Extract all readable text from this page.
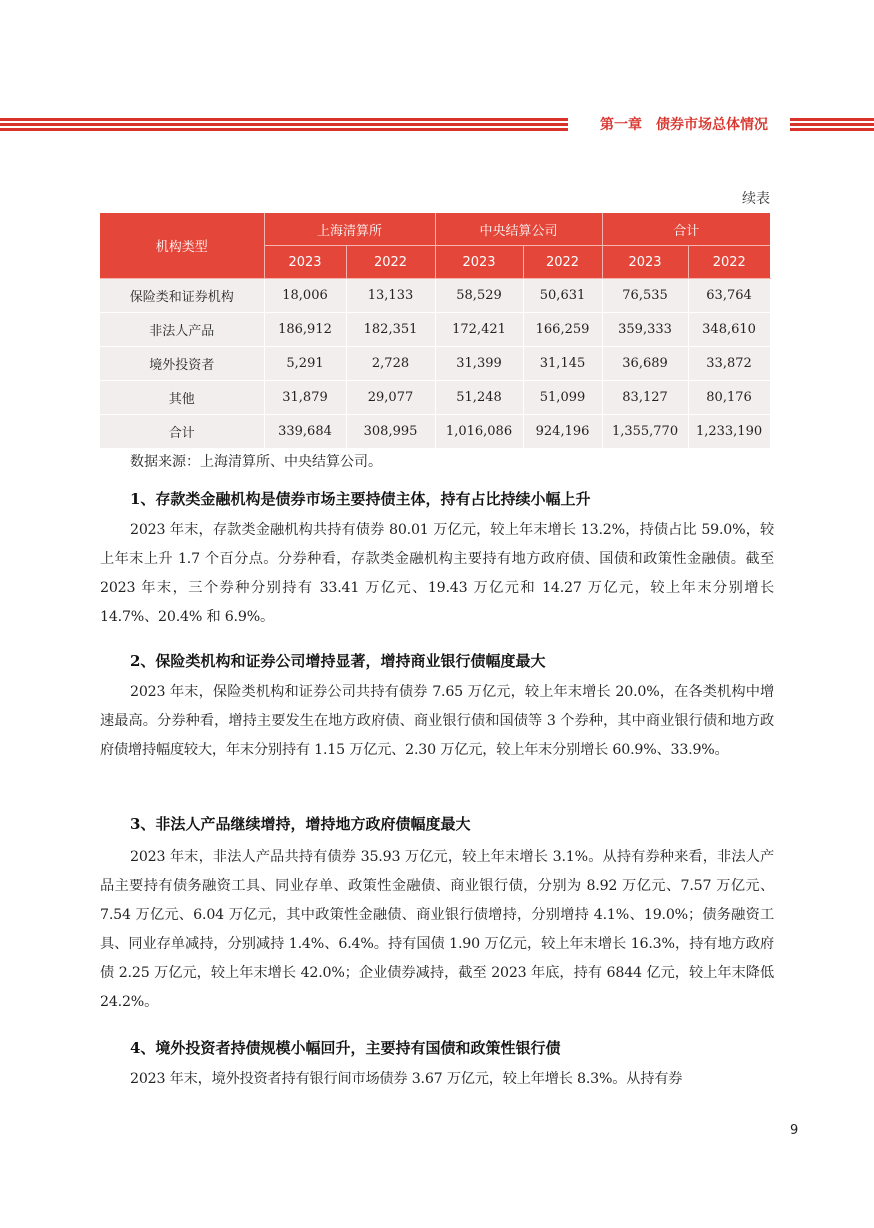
第一章　债券市场总体情况
续表
机构类型	上海清算所		中央结算公司		合计	
	2023	2022	2023	2022	2023	2022
保险类和证券机构	18,006	13,133	58,529	50,631	76,535	63,764
非法人产品	186,912	182,351	172,421	166,259	359,333	348,610
境外投资者	5,291	2,728	31,399	31,145	36,689	33,872
其他	31,879	29,077	51,248	51,099	83,127	80,176
合计	339,684	308,995	1,016,086	924,196	1,355,770	1,233,190
数据来源：上海清算所、中央结算公司。
1、存款类金融机构是债券市场主要持债主体，持有占比持续小幅上升

2023 年末，存款类金融机构共持有债券 80.01 万亿元，较上年末增长 13.2%，持债占比 59.0%，较上年末上升 1.7 个百分点。分券种看，存款类金融机构主要持有地方政府债、国债和政策性金融债。截至 2023 年末，三个券种分别持有 33.41 万亿元、19.43 万亿元和 14.27 万亿元，较上年末分别增长 14.7%、20.4% 和 6.9%。

2、保险类机构和证券公司增持显著，增持商业银行债幅度最大

2023 年末，保险类机构和证券公司共持有债券 7.65 万亿元，较上年末增长 20.0%，在各类机构中增速最高。分券种看，增持主要发生在地方政府债、商业银行债和国债等 3 个券种，其中商业银行债和地方政府债增持幅度较大，年末分别持有 1.15 万亿元、2.30 万亿元，较上年末分别增长 60.9%、33.9%。

3、非法人产品继续增持，增持地方政府债幅度最大

2023 年末，非法人产品共持有债券 35.93 万亿元，较上年末增长 3.1%。从持有券种来看，非法人产品主要持有债务融资工具、同业存单、政策性金融债、商业银行债，分别为 8.92 万亿元、7.57 万亿元、7.54 万亿元、6.04 万亿元，其中政策性金融债、商业银行债增持，分别增持 4.1%、19.0%；债务融资工具、同业存单减持，分别减持 1.4%、6.4%。持有国债 1.90 万亿元，较上年末增长 16.3%，持有地方政府债 2.25 万亿元，较上年末增长 42.0%；企业债券减持，截至 2023 年底，持有 6844 亿元，较上年末降低 24.2%。

4、境外投资者持债规模小幅回升，主要持有国债和政策性银行债

2023 年末，境外投资者持有银行间市场债券 3.67 万亿元，较上年增长 8.3%。从持有券

9
